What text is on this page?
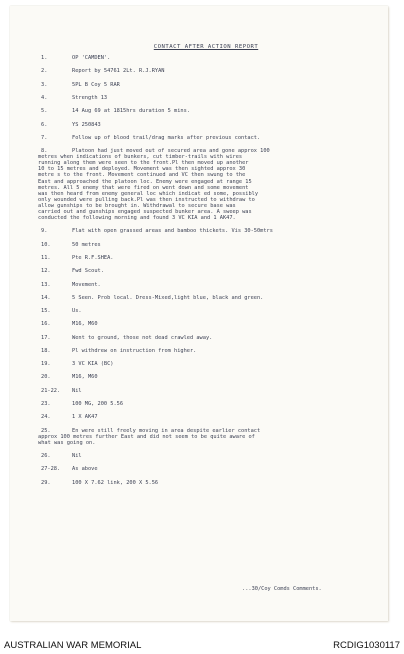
CONTACT AFTER ACTION REPORT
1.	OP 'CAMDEN'.
2.	Report by 54761 2Lt. R.J.RYAN
3.	5PL B Coy 5 RAR
4.	Strength 13
5.	14 Aug 69 at 1815hrs duration 5 mins.
6.	YS 250843
7.	Follow up of blood trail/drag marks after previous contact.
8.	Platoon had just moved out of secured area and gone approx 100
metres when indications of bunkers, cut timber-trails with wires
running along them were seen to the front.Pl then moved up another
10 to 15 metres and deployed. Movement was then sighted approx 30
metre s to the front. Movement continued and VC then swung to the
East and approached the platoon loc. Enemy were engaged at range 15
metres. All 5 enemy that were fired on went down and some movement
was then heard from enemy general loc which indicat ed some, possibly
only wounded were pulling back.Pl was then instructed to withdraw to
allow gunships to be brought in. Withdrawal to secure base was
carried out and gunships engaged suspected bunker area. A sweep was
conducted the following morning and found 3 VC KIA and 1 AK47.
9.	Flat with open grassed areas and bamboo thickets. Vis 30-50mtrs
10.	50 metres
11.	Pte R.F.SHEA.
12.	Fwd Scout.
13.	Movement.
14.	5 Seen. Prob local. Dress-Mixed,light blue, black and green.
15.	Us.
16.	M16, M60
17.	Went to ground, those not dead crawled away.
18.	Pl withdrew on instruction from higher.
19.	3 VC KIA (BC)
20.	M16, M60
21-22.	Nil
23.	100 MG, 200 5.56
24.	1 X AK47
25.	En were still freely moving in area despite earlier contact
approx 100 metres further East and did not seem to be quite aware of
what was going on.
26.	Nil
27-28.	As above
29.	100 X 7.62 link, 200 X 5.56
...30/Coy Comds Comments.
AUSTRALIAN WAR MEMORIAL	RCDIG1030117
